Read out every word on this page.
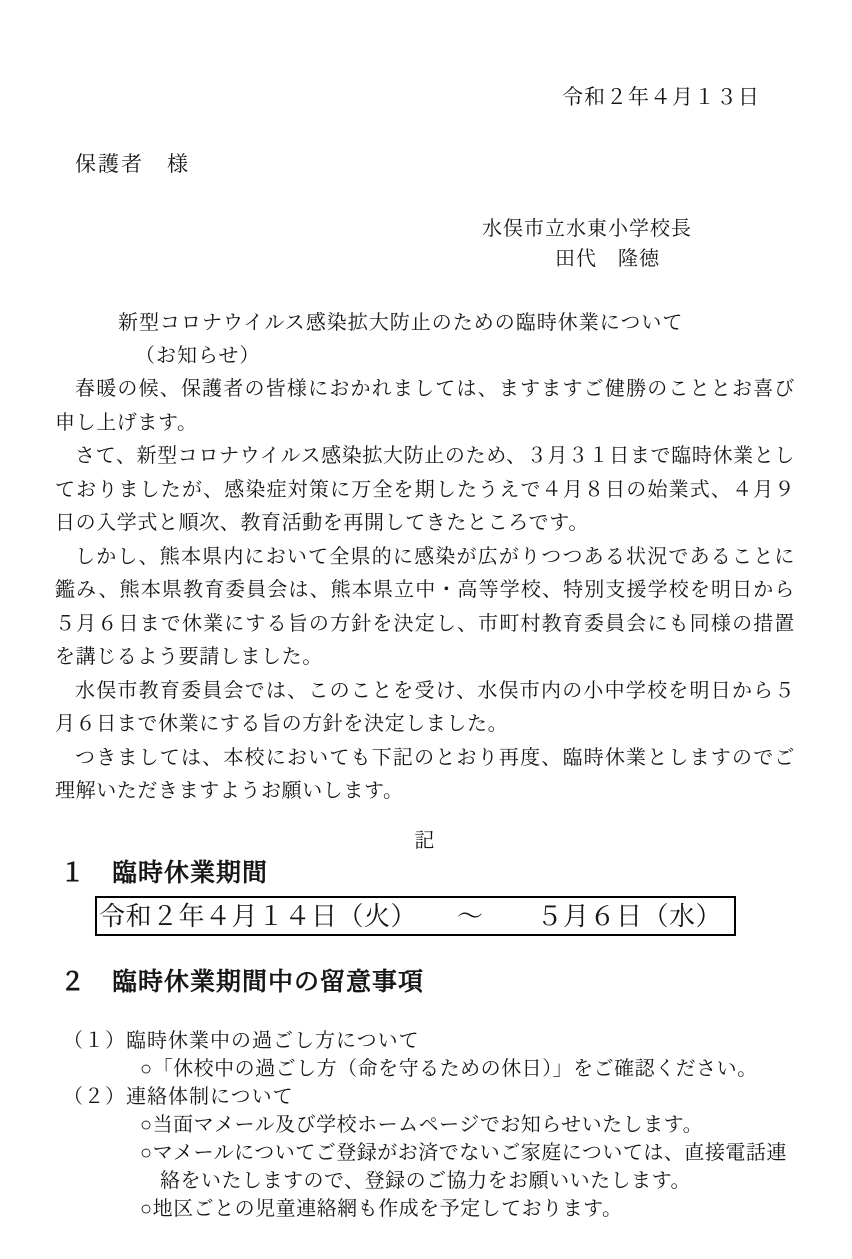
令和２年４月１３日
保護者　様
水俣市立水東小学校長
田代　隆徳
新型コロナウイルス感染拡大防止のための臨時休業について
（お知らせ）

春暖の候、保護者の皆様におかれましては、ますますご健勝のこととお喜び申し上げます。

さて、新型コロナウイルス感染拡大防止のため、３月３１日まで臨時休業としておりましたが、感染症対策に万全を期したうえで４月８日の始業式、４月９日の入学式と順次、教育活動を再開してきたところです。

しかし、熊本県内において全県的に感染が広がりつつある状況であることに鑑み、熊本県教育委員会は、熊本県立中・高等学校、特別支援学校を明日から５月６日まで休業にする旨の方針を決定し、市町村教育委員会にも同様の措置を講じるよう要請しました。

水俣市教育委員会では、このことを受け、水俣市内の小中学校を明日から５月６日まで休業にする旨の方針を決定しました。

つきましては、本校においても下記のとおり再度、臨時休業としますのでご理解いただきますようお願いします。

記
１　臨時休業期間
令和２年４月１４日（火）　　～　　５月６日（水）
２　臨時休業期間中の留意事項

（１）臨時休業中の過ごし方について

○「休校中の過ごし方（命を守るための休日）」をご確認ください。

（２）連絡体制について

○当面マメール及び学校ホームページでお知らせいたします。

○マメールについてご登録がお済でないご家庭については、直接電話連絡をいたしますので、登録のご協力をお願いいたします。

○地区ごとの児童連絡網も作成を予定しております。
